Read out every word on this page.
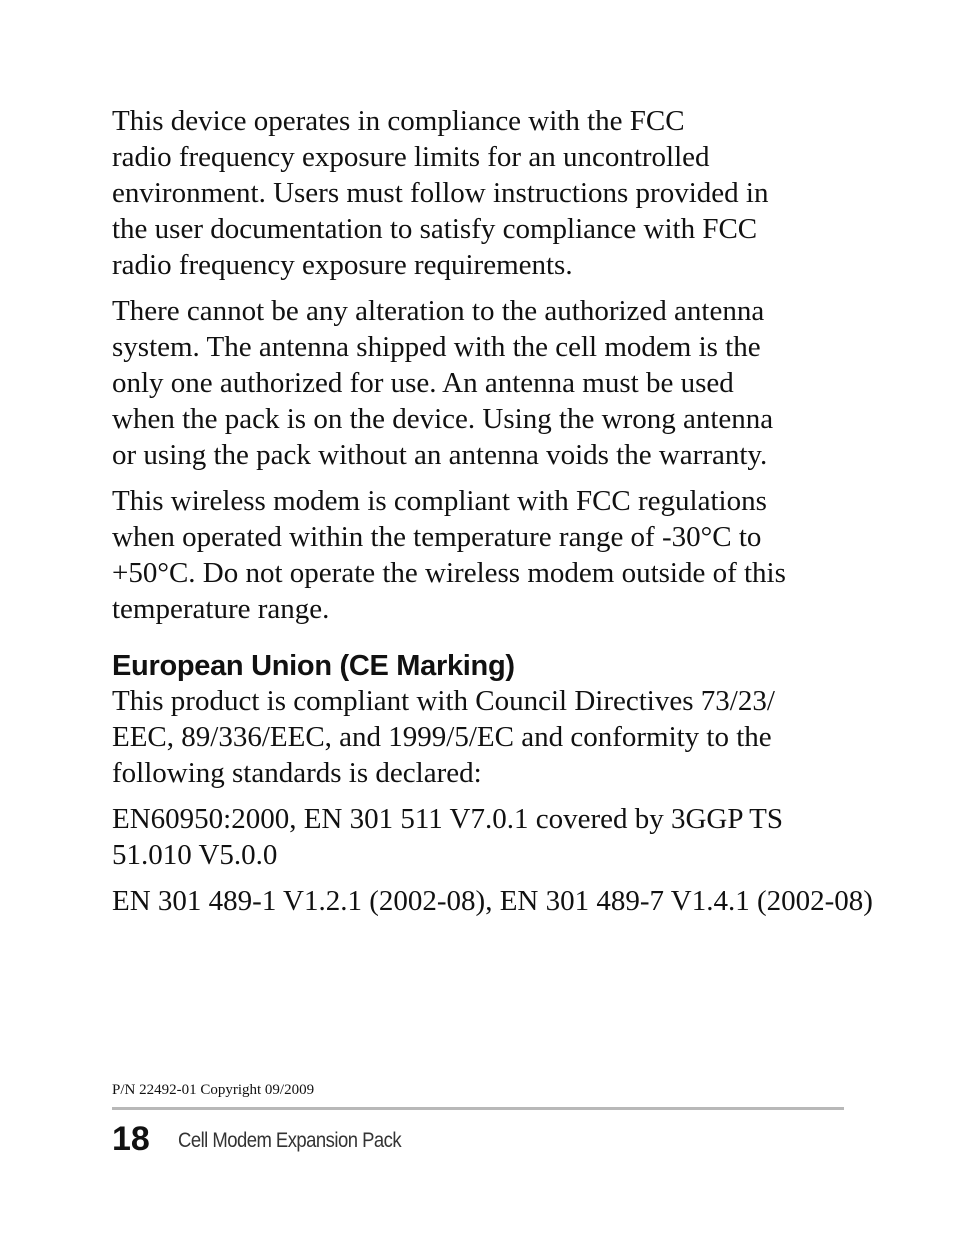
This device operates in compliance with the FCC
radio frequency exposure limits for an uncontrolled
environment. Users must follow instructions provided in
the user documentation to satisfy compliance with FCC
radio frequency exposure requirements.

There cannot be any alteration to the authorized antenna
system. The antenna shipped with the cell modem is the
only one authorized for use. An antenna must be used
when the pack is on the device. Using the wrong antenna
or using the pack without an antenna voids the warranty.

This wireless modem is compliant with FCC regulations
when operated within the temperature range of -30°C to
+50°C. Do not operate the wireless modem outside of this
temperature range.

European Union (CE Marking)

This product is compliant with Council Directives 73/23/
EEC, 89/336/EEC, and 1999/5/EC and conformity to the
following standards is declared:

EN60950:2000, EN 301 511 V7.0.1 covered by 3GGP TS
51.010 V5.0.0

EN 301 489-1 V1.2.1 (2002-08), EN 301 489-7 V1.4.1 (2002-08)

P/N 22492-01 Copyright 09/2009
18 Cell Modem Expansion Pack
